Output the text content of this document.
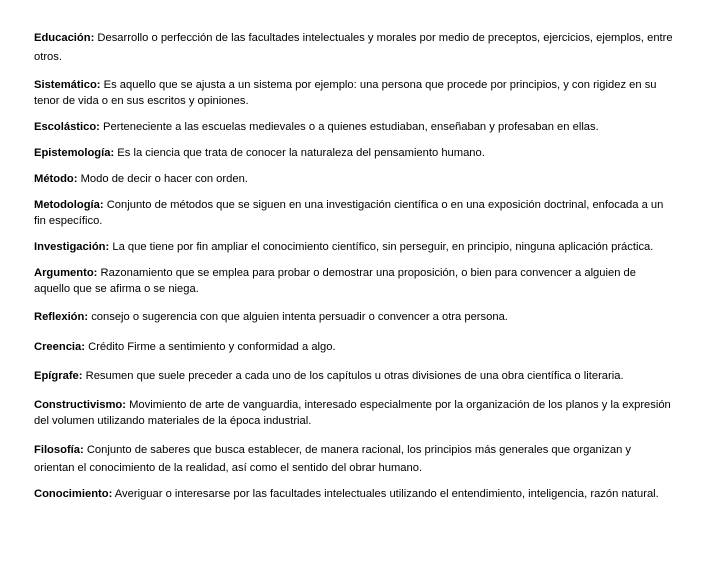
Educación: Desarrollo o perfección de las facultades intelectuales y morales por medio de preceptos, ejercicios, ejemplos, entre otros.

Sistemático: Es aquello que se ajusta a un sistema por ejemplo: una persona que procede por principios, y con rigidez en su tenor de vida o en sus escritos y opiniones.

Escolástico: Perteneciente a las escuelas medievales o a quienes estudiaban, enseñaban y profesaban en ellas.

Epistemología: Es la ciencia que trata de conocer la naturaleza del pensamiento humano.

Método: Modo de decir o hacer con orden.

Metodología: Conjunto de métodos que se siguen en una investigación científica o en una exposición doctrinal, enfocada a un fin específico.

Investigación: La que tiene por fin ampliar el conocimiento científico, sin perseguir, en principio, ninguna aplicación práctica.

Argumento: Razonamiento que se emplea para probar o demostrar una proposición, o bien para convencer a alguien de aquello que se afirma o se niega.

Reflexión: consejo o sugerencia con que alguien intenta persuadir o convencer a otra persona.

Creencia: Crédito Firme a sentimiento y conformidad a algo.

Epígrafe: Resumen que suele preceder a cada uno de los capítulos u otras divisiones de una obra científica o literaria.

Constructivismo: Movimiento de arte de vanguardia, interesado especialmente por la organización de los planos y la expresión del volumen utilizando materiales de la época industrial.

Filosofía: Conjunto de saberes que busca establecer, de manera racional, los principios más generales que organizan y orientan el conocimiento de la realidad, así como el sentido del obrar humano.

Conocimiento: Averiguar o interesarse por las facultades intelectuales utilizando el entendimiento, inteligencia, razón natural.
